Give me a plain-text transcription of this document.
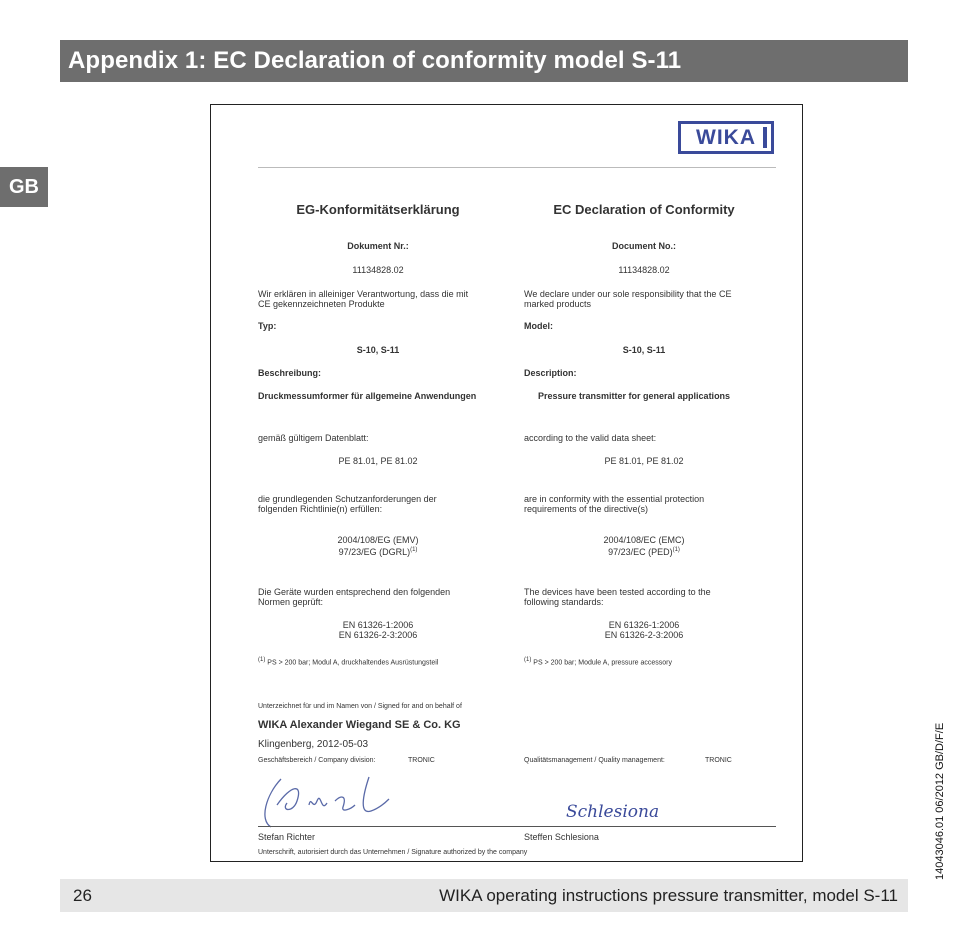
Appendix 1: EC Declaration of conformity model S-11
GB
14043046.01 06/2012 GB/D/F/E
WIKA
EG-Konformitätserklärung	EC Declaration of Conformity
Dokument Nr.:	Document No.:
11134828.02	11134828.02
Wir erklären in alleiniger Verantwortung, dass die mit
CE gekennzeichneten Produkte
We declare under our sole responsibility that the CE
marked products
Typ:	Model:
S-10, S-11	S-10, S-11
Beschreibung:	Description:
Druckmessumformer für allgemeine Anwendungen	Pressure transmitter for general applications
gemäß gültigem Datenblatt:	according to the valid data sheet:
PE 81.01, PE 81.02	PE 81.01, PE 81.02
die grundlegenden Schutzanforderungen der
folgenden Richtlinie(n) erfüllen:
are in conformity with the essential protection
requirements of the directive(s)
2004/108/EG (EMV)
97/23/EG (DGRL)$^{(1)}$
2004/108/EC (EMC)
97/23/EC (PED)$^{(1)}$
Die Geräte wurden entsprechend den folgenden
Normen geprüft:
The devices have been tested according to the
following standards:
EN 61326-1:2006
EN 61326-2-3:2006
EN 61326-1:2006
EN 61326-2-3:2006
$^{(1)}$ PS > 200 bar; Modul A, druckhaltendes Ausrüstungsteil	$^{(1)}$ PS > 200 bar; Module A, pressure accessory
Unterzeichnet für und im Namen von / Signed for and on behalf of
WIKA Alexander Wiegand SE & Co. KG
Klingenberg, 2012-05-03
Geschäftsbereich / Company division:	TRONIC	Qualitätsmanagement / Quality management:	TRONIC
Schlesiona
Stefan Richter	Steffen Schlesiona
Unterschrift, autorisiert durch das Unternehmen / Signature authorized by the company
26	WIKA operating instructions pressure transmitter, model S-11
